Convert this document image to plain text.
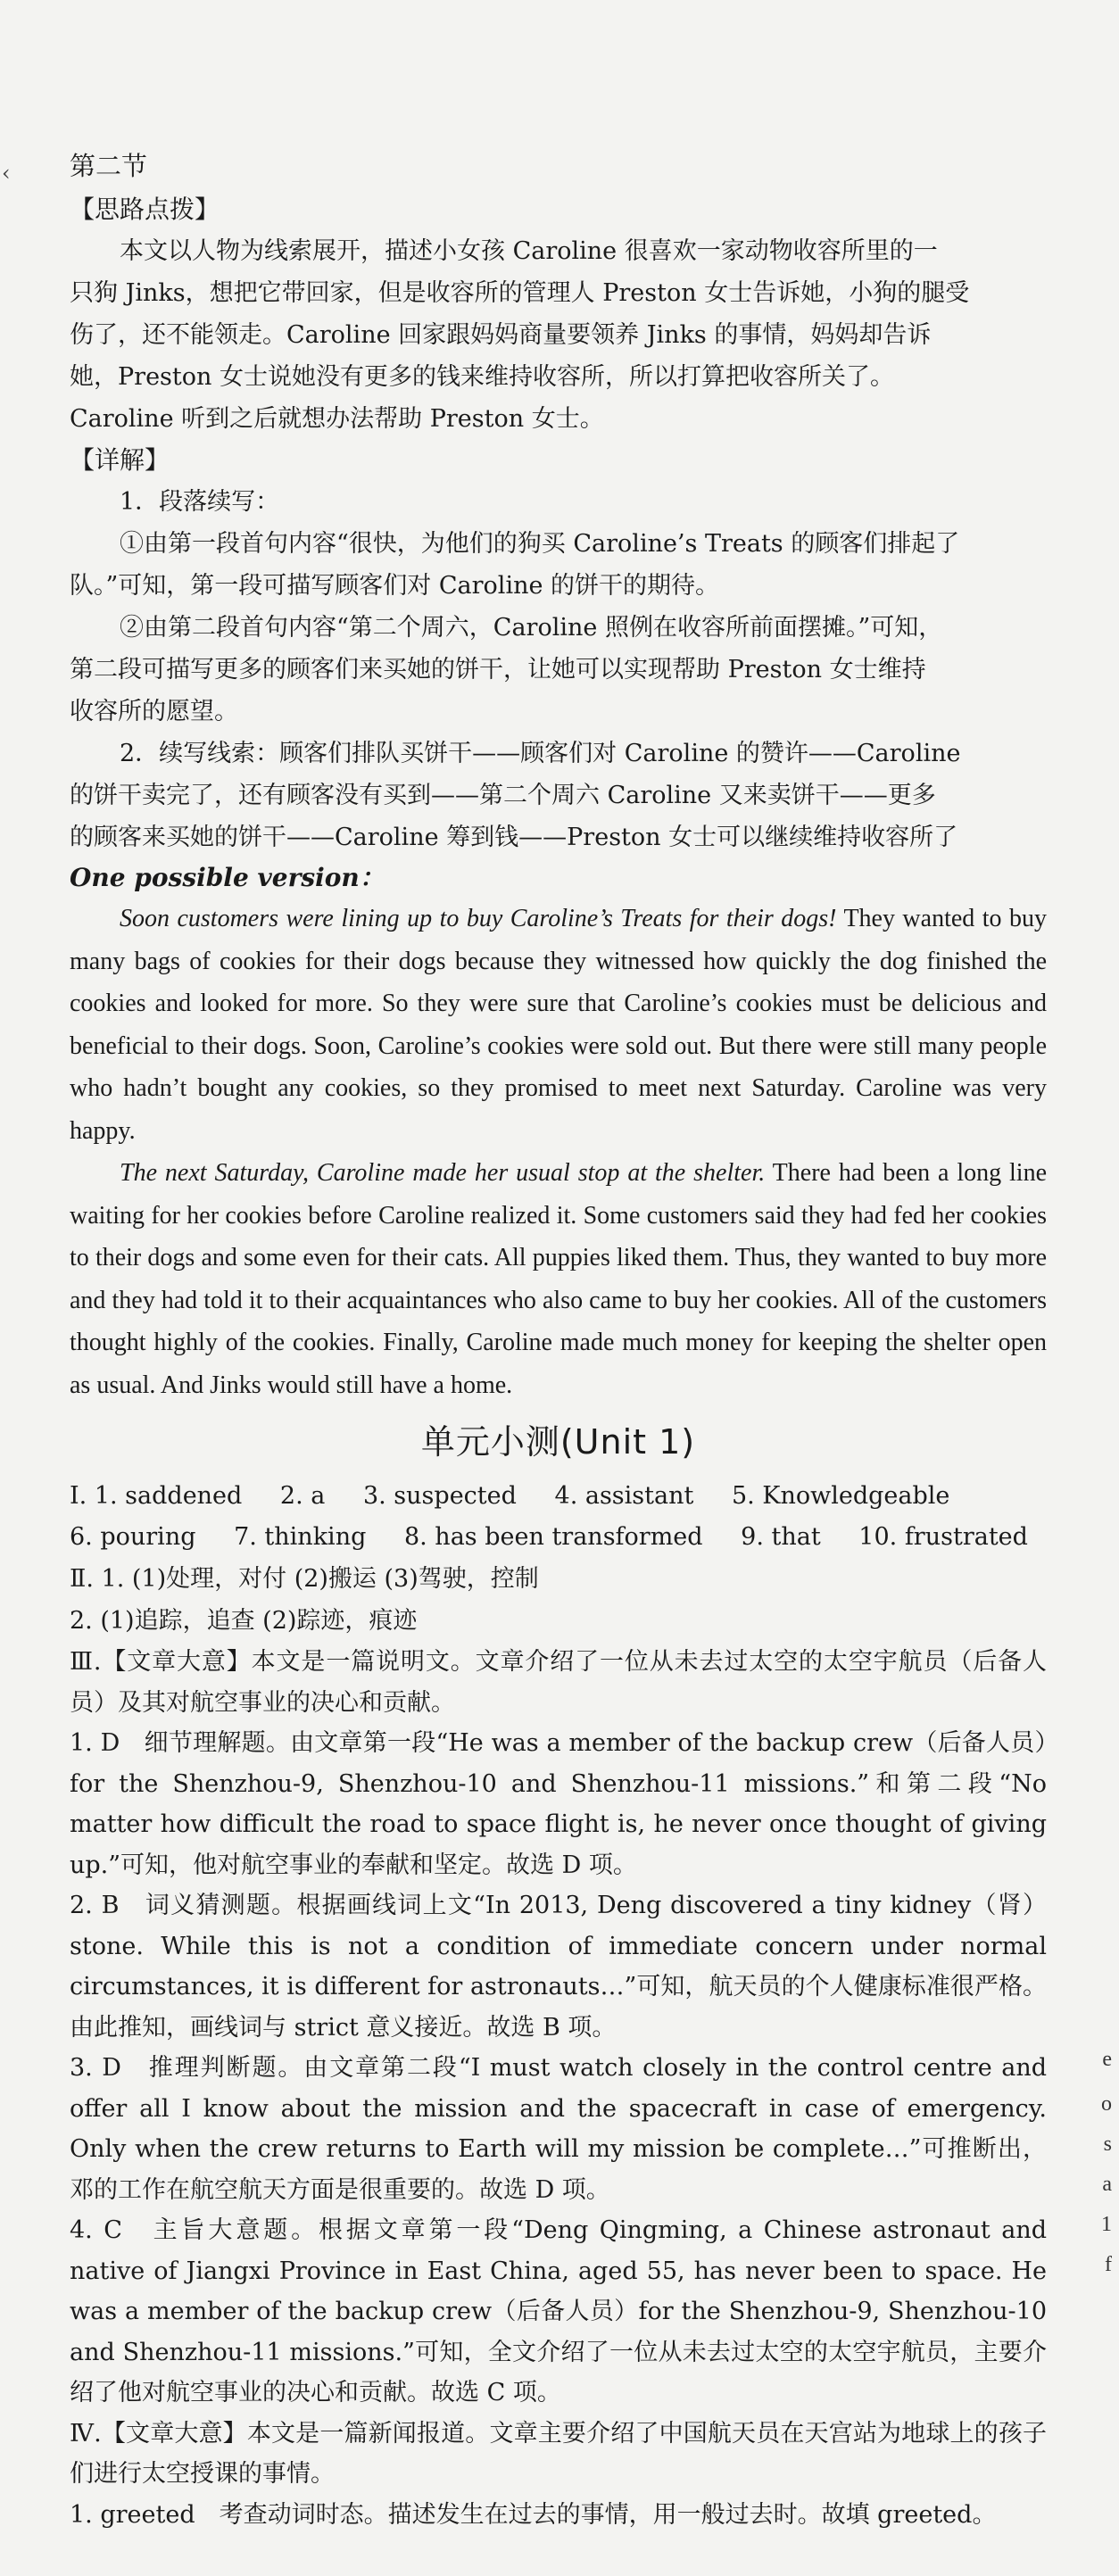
‹
e
o
s
a
1
f

第二节

【思路点拨】

本文以人物为线索展开，描述小女孩 Caroline 很喜欢一家动物收容所里的一

只狗 Jinks，想把它带回家，但是收容所的管理人 Preston 女士告诉她，小狗的腿受

伤了，还不能领走。Caroline 回家跟妈妈商量要领养 Jinks 的事情，妈妈却告诉

她，Preston 女士说她没有更多的钱来维持收容所，所以打算把收容所关了。

Caroline 听到之后就想办法帮助 Preston 女士。

【详解】

1．段落续写：

①由第一段首句内容“很快，为他们的狗买 Caroline’s Treats 的顾客们排起了

队。”可知，第一段可描写顾客们对 Caroline 的饼干的期待。

②由第二段首句内容“第二个周六，Caroline 照例在收容所前面摆摊。”可知，

第二段可描写更多的顾客们来买她的饼干，让她可以实现帮助 Preston 女士维持

收容所的愿望。

2．续写线索：顾客们排队买饼干——顾客们对 Caroline 的赞许——Caroline

的饼干卖完了，还有顾客没有买到——第二个周六 Caroline 又来卖饼干——更多

的顾客来买她的饼干——Caroline 筹到钱——Preston 女士可以继续维持收容所了

One possible version：

Soon customers were lining up to buy Caroline’s Treats for their dogs! They wanted to buy many bags of cookies for their dogs because they witnessed how quickly the dog finished the cookies and looked for more. So they were sure that Caroline’s cookies must be delicious and beneficial to their dogs. Soon, Caroline’s cookies were sold out. But there were still many people who hadn’t bought any cookies, so they promised to meet next Saturday. Caroline was very happy.

The next Saturday, Caroline made her usual stop at the shelter. There had been a long line waiting for her cookies before Caroline realized it. Some customers said they had fed her cookies to their dogs and some even for their cats. All puppies liked them. Thus, they wanted to buy more and they had told it to their acquaintances who also came to buy her cookies. All of the customers thought highly of the cookies. Finally, Caroline made much money for keeping the shelter open as usual. And Jinks would still have a home.

单元小测(Unit 1)

Ⅰ. 1. saddened 2. a 3. suspected 4. assistant 5. Knowledgeable
6. pouring 7. thinking 8. has been transformed 9. that 10. frustrated

Ⅱ. 1. (1)处理，对付 (2)搬运 (3)驾驶，控制

2. (1)追踪，追查 (2)踪迹，痕迹

Ⅲ.【文章大意】本文是一篇说明文。文章介绍了一位从未去过太空的太空宇航员（后备人员）及其对航空事业的决心和贡献。

1. D　细节理解题。由文章第一段“He was a member of the backup crew（后备人员）for the Shenzhou-9, Shenzhou-10 and Shenzhou-11 missions.”和第二段“No matter how difficult the road to space flight is, he never once thought of giving up.”可知，他对航空事业的奉献和坚定。故选 D 项。

2. B　词义猜测题。根据画线词上文“In 2013, Deng discovered a tiny kidney（肾）stone. While this is not a condition of immediate concern under normal circumstances, it is different for astronauts…”可知，航天员的个人健康标准很严格。由此推知，画线词与 strict 意义接近。故选 B 项。

3. D　推理判断题。由文章第二段“I must watch closely in the control centre and offer all I know about the mission and the spacecraft in case of emergency. Only when the crew returns to Earth will my mission be complete…”可推断出，邓的工作在航空航天方面是很重要的。故选 D 项。

4. C　主旨大意题。根据文章第一段“Deng Qingming, a Chinese astronaut and native of Jiangxi Province in East China, aged 55, has never been to space. He was a member of the backup crew（后备人员）for the Shenzhou-9, Shenzhou-10 and Shenzhou-11 missions.”可知，全文介绍了一位从未去过太空的太空宇航员，主要介绍了他对航空事业的决心和贡献。故选 C 项。

Ⅳ.【文章大意】本文是一篇新闻报道。文章主要介绍了中国航天员在天宫站为地球上的孩子们进行太空授课的事情。

1. greeted　考查动词时态。描述发生在过去的事情，用一般过去时。故填 greeted。
